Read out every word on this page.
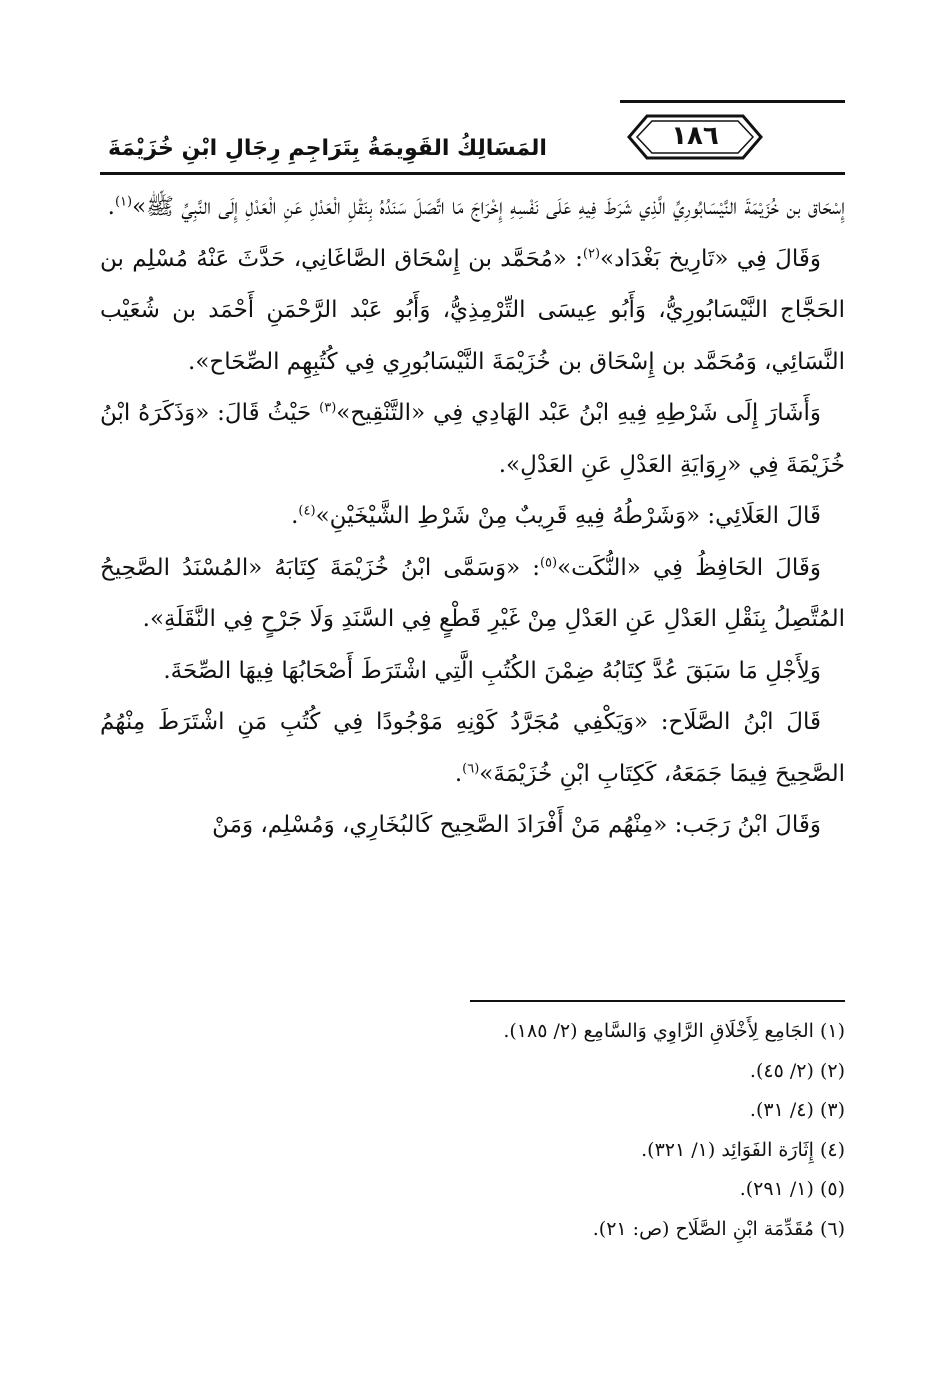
١٨٦
المَسَالِكُ القَوِيمَةُ بِتَرَاجِمِ رِجَالِ ابْنِ خُزَيْمَةَ

إِسْحَاق بن خُزَيْمَةَ النَّيْسَابُورِيِّ الَّذِي شَرَطَ فِيهِ عَلَى نَفْسِهِ إِخْرَاجَ مَا اتَّصَلَ سَنَدُهُ بِنَقْلِ الْعَدْلِ عَنِ الْعَدْلِ إِلَى النَّبِيِّ ﷺ»$^{(١)}$.

وَقَالَ فِي «تَارِيخ بَغْدَاد»$^{(٢)}$: «مُحَمَّد بن إِسْحَاق الصَّاغَانِي، حَدَّثَ عَنْهُ مُسْلِم بن الحَجَّاج النَّيْسَابُورِيُّ، وَأَبُو عِيسَى التِّرْمِذِيُّ، وَأَبُو عَبْد الرَّحْمَنِ أَحْمَد بن شُعَيْب النَّسَائِي، وَمُحَمَّد بن إِسْحَاق بن خُزَيْمَةَ النَّيْسَابُورِي فِي كُتُبِهِم الصِّحَاح».

وَأَشَارَ إِلَى شَرْطِهِ فِيهِ ابْنُ عَبْد الهَادِي فِي «التَّنْقِيح»$^{(٣)}$ حَيْثُ قَالَ: «وَذَكَرَهُ ابْنُ خُزَيْمَةَ فِي «رِوَايَةِ العَدْلِ عَنِ العَدْلِ».

قَالَ العَلَائِي: «وَشَرْطُهُ فِيهِ قَرِيبٌ مِنْ شَرْطِ الشَّيْخَيْنِ»$^{(٤)}$.

وَقَالَ الحَافِظُ فِي «النُّكَت»$^{(٥)}$: «وَسَمَّى ابْنُ خُزَيْمَةَ كِتَابَهُ «المُسْنَدُ الصَّحِيحُ المُتَّصِلُ بِنَقْلِ العَدْلِ عَنِ العَدْلِ مِنْ غَيْرِ قَطْعٍ فِي السَّنَدِ وَلَا جَرْحٍ فِي النَّقَلَةِ».

وَلِأَجْلِ مَا سَبَقَ عُدَّ كِتَابُهُ ضِمْنَ الكُتُبِ الَّتِي اشْتَرَطَ أَصْحَابُهَا فِيهَا الصِّحَةَ.

قَالَ ابْنُ الصَّلَاح: «وَيَكْفِي مُجَرَّدُ كَوْنِهِ مَوْجُودًا فِي كُتُبِ مَنِ اشْتَرَطَ مِنْهُمُ الصَّحِيحَ فِيمَا جَمَعَهُ، كَكِتَابِ ابْنِ خُزَيْمَةَ»$^{(٦)}$.

وَقَالَ ابْنُ رَجَب: «مِنْهُم مَنْ أَفْرَادَ الصَّحِيح كَالبُخَارِي، وَمُسْلِم، وَمَنْ

(١) الجَامِع لِأَخْلَاقِ الرَّاوِي وَالسَّامِع (٢/ ١٨٥).

(٢) (٢/ ٤٥).

(٣) (٤/ ٣١).

(٤) إِثَارَة الفَوَائِد (١/ ٣٢١).

(٥) (١/ ٢٩١).

(٦) مُقَدِّمَة ابْنِ الصَّلَاح (ص: ٢١).
